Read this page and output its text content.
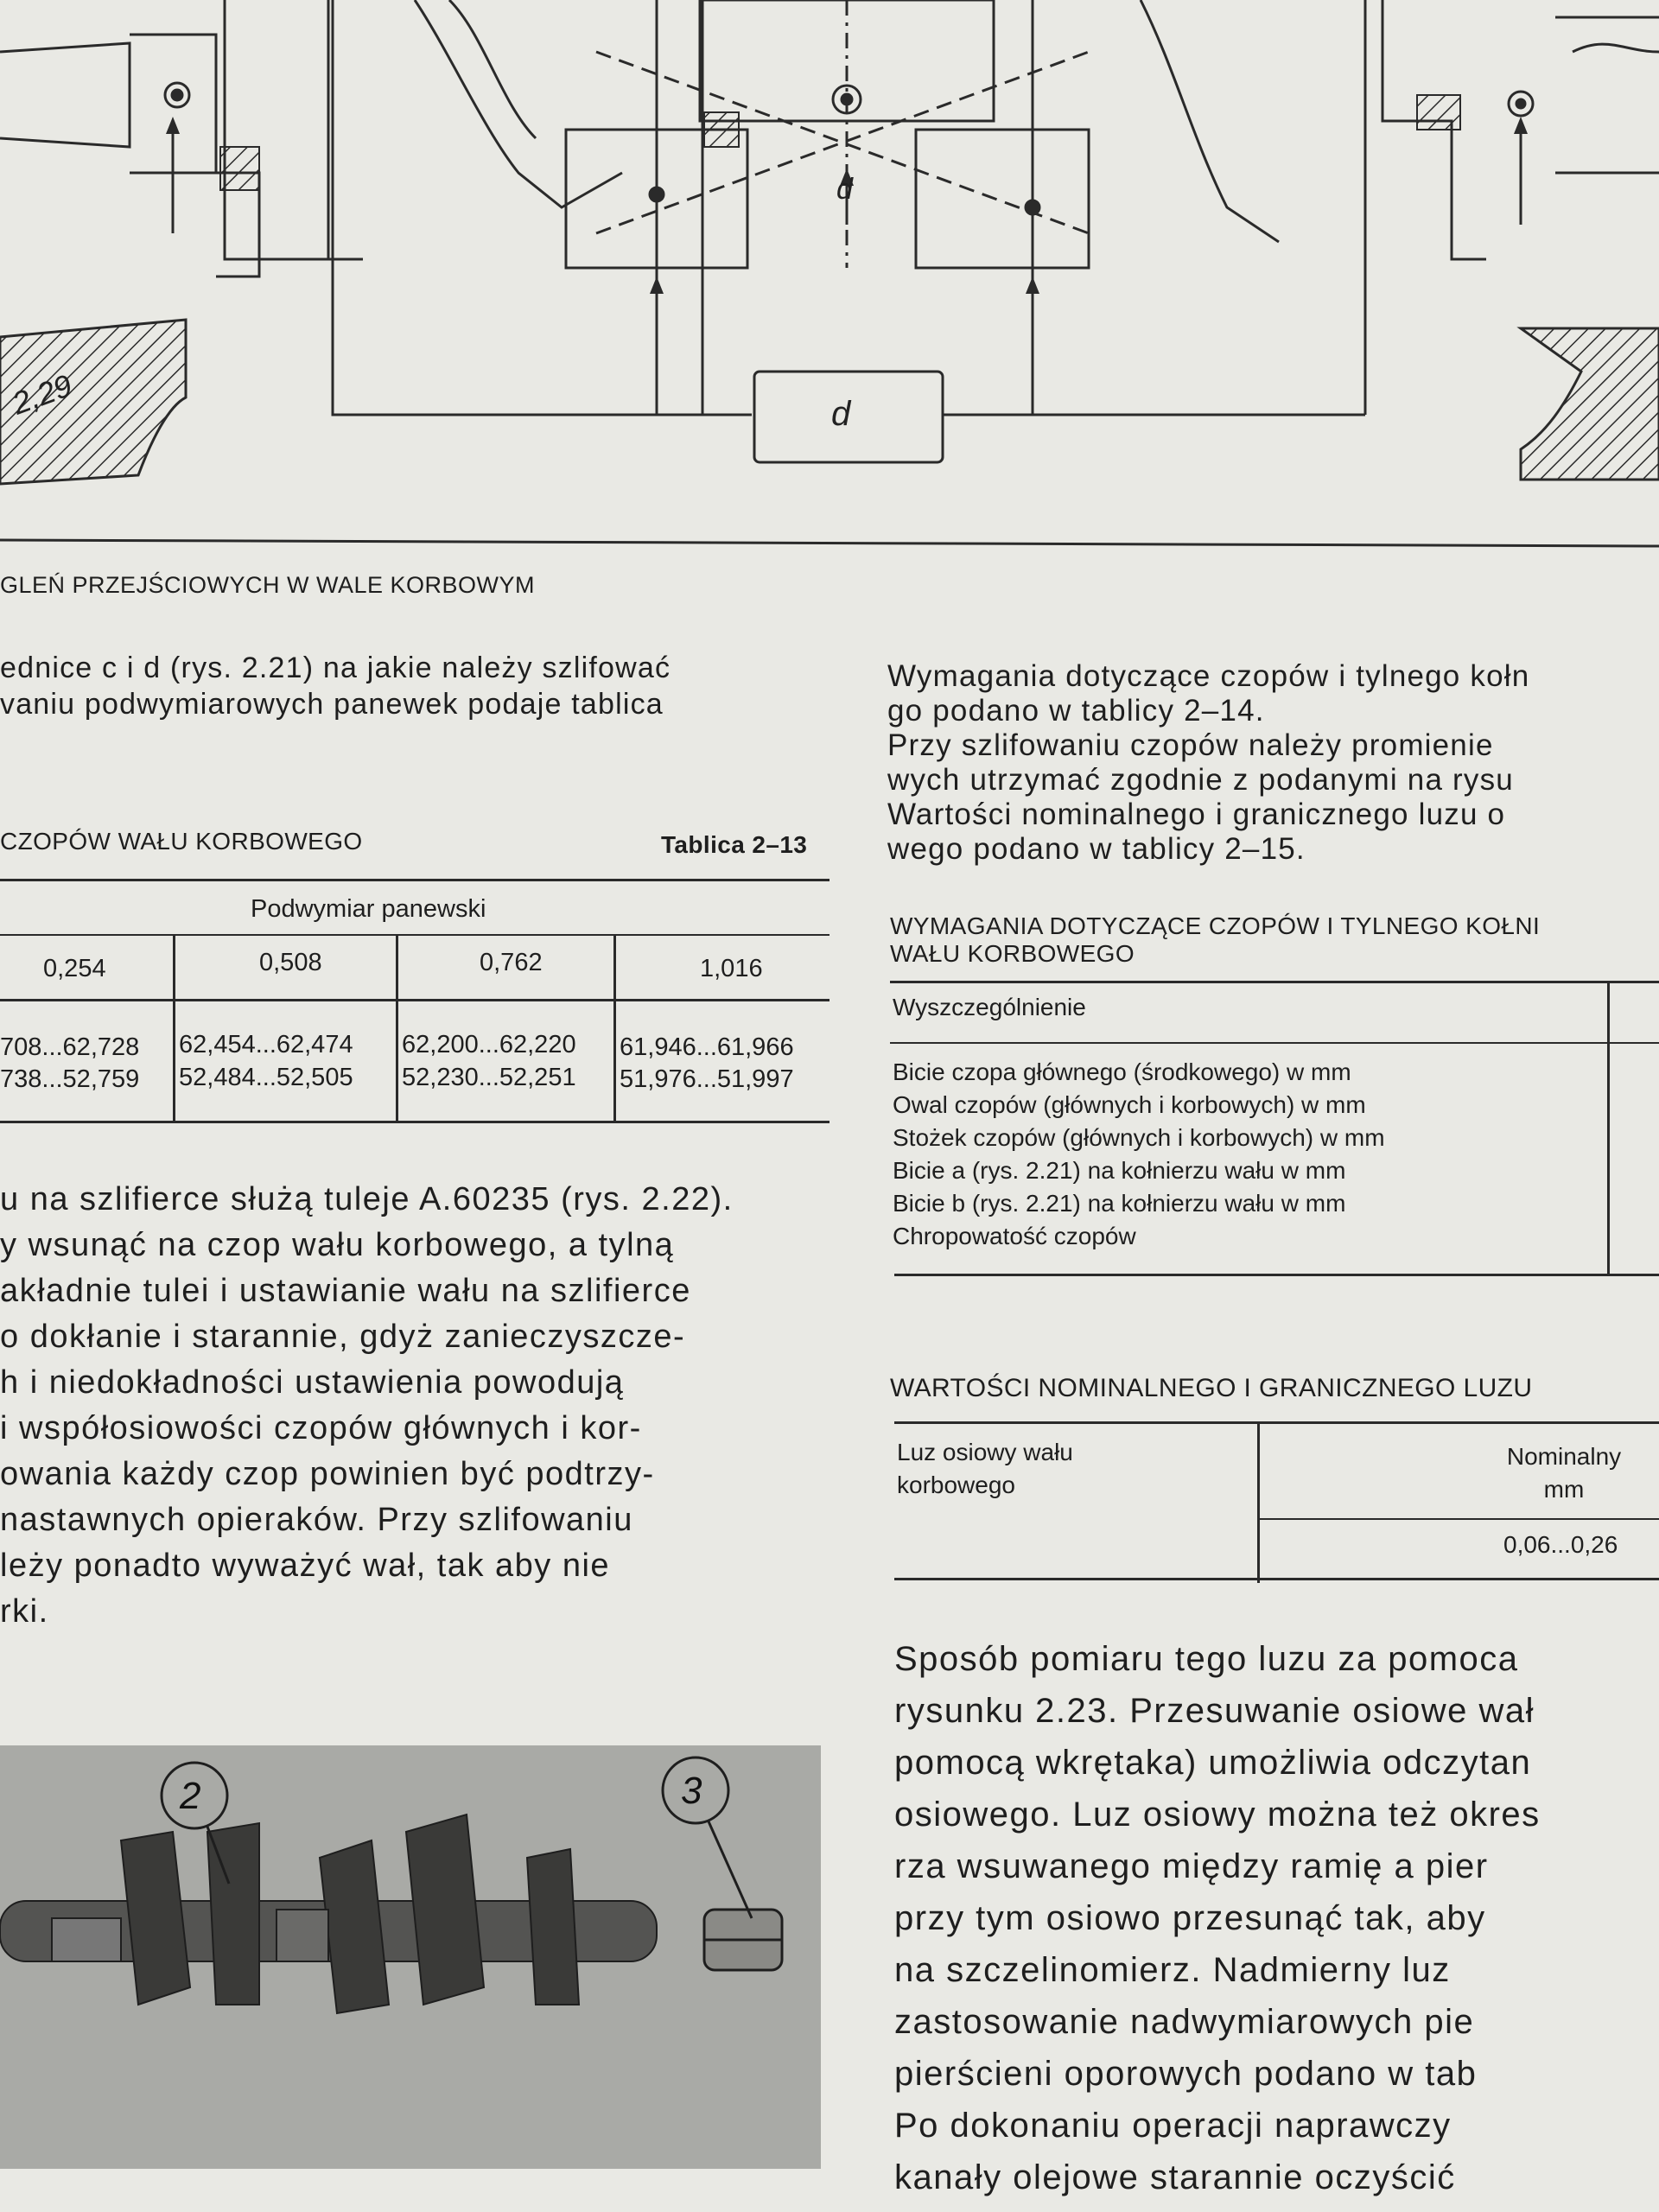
d
d
2,29
GLEŃ PRZEJŚCIOWYCH W WALE KORBOWYM
ednice c i d (rys. 2.21) na jakie należy szlifować
vaniu podwymiarowych panewek podaje tablica
CZOPÓW WAŁU KORBOWEGO	Tablica 2–13
Podwymiar panewski
0,254	0,508	0,762	1,016
708...62,728 62,454...62,474 62,200...62,220 61,946...61,966
738...52,759 52,484...52,505 52,230...52,251 51,976...51,997
u na szlifierce służą tuleje A.60235 (rys. 2.22).
y wsunąć na czop wału korbowego, a tylną
akładnie tulei i ustawianie wału na szlifierce
o dokłanie i starannie, gdyż zanieczyszcze-
h i niedokładności ustawienia powodują
i współosiowości czopów głównych i kor-
owania każdy czop powinien być podtrzy-
nastawnych opieraków. Przy szlifowaniu
leży ponadto wyważyć wał, tak aby nie
rki.
2	3
Wymagania dotyczące czopów i tylnego kołn
go podano w tablicy 2–14.
Przy szlifowaniu czopów należy promienie
wych utrzymać zgodnie z podanymi na rysu
Wartości nominalnego i granicznego luzu o
wego podano w tablicy 2–15.
WYMAGANIA DOTYCZĄCE CZOPÓW I TYLNEGO KOŁNI
WAŁU KORBOWEGO
Wyszczególnienie
Bicie czopa głównego (środkowego) w mm
Owal czopów (głównych i korbowych) w mm
Stożek czopów (głównych i korbowych) w mm
Bicie a (rys. 2.21) na kołnierzu wału w mm
Bicie b (rys. 2.21) na kołnierzu wału w mm
Chropowatość czopów
WARTOŚCI NOMINALNEGO I GRANICZNEGO LUZU
Luz osiowy wału
korbowego
Nominalny
mm
0,06...0,26
Sposób pomiaru tego luzu za pomoca
rysunku 2.23. Przesuwanie osiowe wał
pomocą wkrętaka) umożliwia odczytan
osiowego. Luz osiowy można też okres
rza wsuwanego między ramię a pier
przy tym osiowo przesunąć tak, aby
na szczelinomierz. Nadmierny luz
zastosowanie nadwymiarowych pie
pierścieni oporowych podano w tab
Po dokonaniu operacji naprawczy
kanały olejowe starannie oczyścić
